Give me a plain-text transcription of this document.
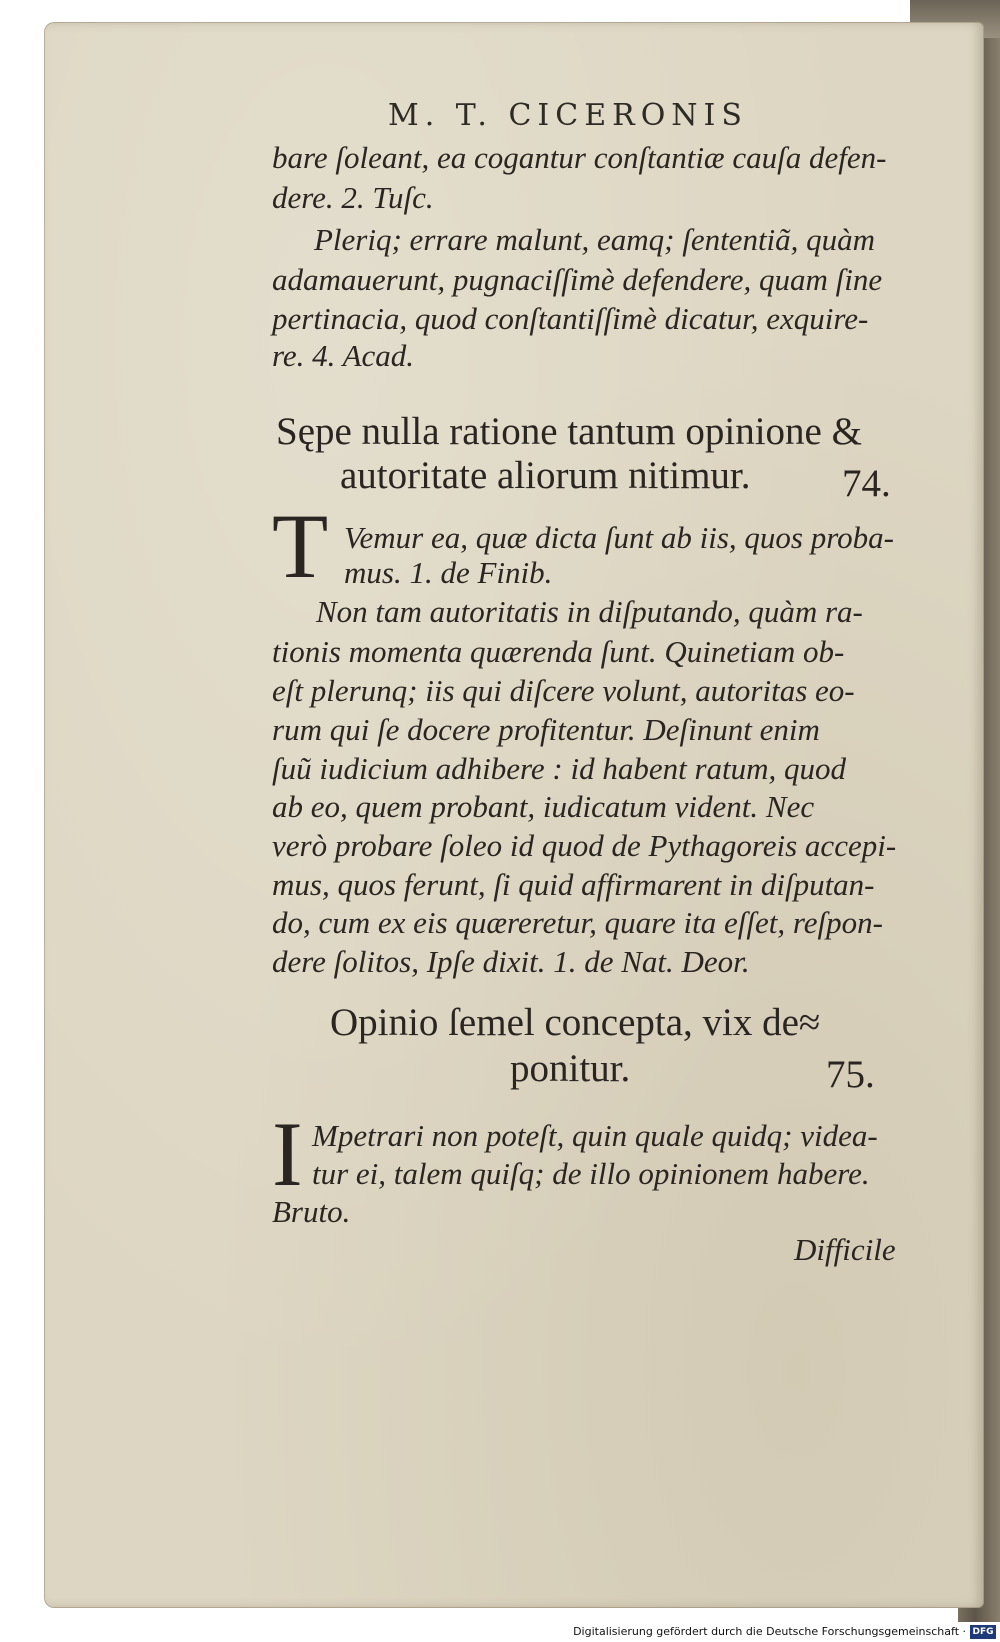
M. T. CICERONIS
bare ſoleant, ea cogantur conſtantiæ cauſa defen-
dere. 2. Tuſc.
Pleriq; errare malunt, eamq; ſententiã, quàm
adamauerunt, pugnaciſſimè defendere, quam ſine
pertinacia, quod conſtantiſſimè dicatur, exquire-
re. 4. Acad.
Sępe nulla ratione tantum opinione &
autoritate aliorum nitimur. 74.
T Vemur ea, quæ dicta ſunt ab iis, quos proba-
mus. 1. de Finib.
Non tam autoritatis in diſputando, quàm ra-
tionis momenta quærenda ſunt. Quinetiam ob-
eſt plerunq; iis qui diſcere volunt, autoritas eo-
rum qui ſe docere profitentur. Deſinunt enim
ſuũ iudicium adhibere : id habent ratum, quod
ab eo, quem probant, iudicatum vident. Nec
verò probare ſoleo id quod de Pythagoreis accepi-
mus, quos ferunt, ſi quid affirmarent in diſputan-
do, cum ex eis quæreretur, quare ita eſſet, reſpon-
dere ſolitos, Ipſe dixit. 1. de Nat. Deor.
Opinio ſemel concepta, vix de≈
ponitur.	75.
I Mpetrari non poteſt, quin quale quidq; videa-
tur ei, talem quiſq; de illo opinionem habere.
Bruto.
Difficile
Digitalisierung gefördert durch die Deutsche Forschungsgemeinschaft · DFG
